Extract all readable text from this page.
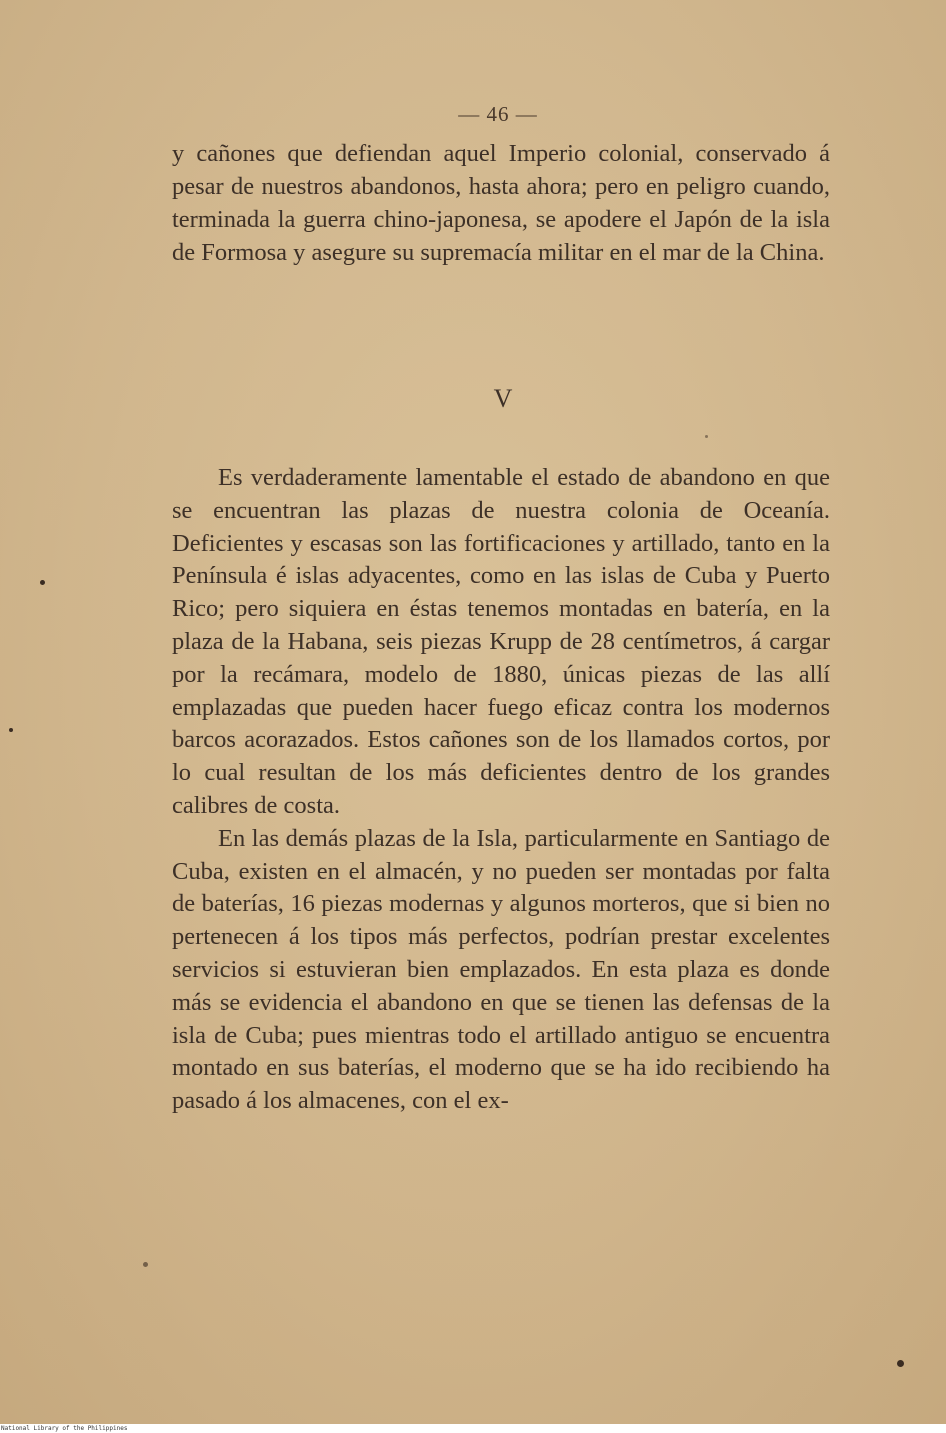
— 46 —

y cañones que defiendan aquel Imperio colonial, conservado á pesar de nuestros abandonos, hasta ahora; pero en peligro cuando, terminada la guerra chino-japonesa, se apodere el Japón de la isla de Formosa y asegure su supremacía militar en el mar de la China.

V

Es verdaderamente lamentable el estado de abandono en que se encuentran las plazas de nuestra colonia de Oceanía. Deficientes y escasas son las fortificaciones y artillado, tanto en la Península é islas adyacentes, como en las islas de Cuba y Puerto Rico; pero siquiera en éstas tenemos montadas en batería, en la plaza de la Habana, seis piezas Krupp de 28 centímetros, á cargar por la recámara, modelo de 1880, únicas piezas de las allí emplazadas que pueden hacer fuego eficaz contra los modernos barcos acorazados. Estos cañones son de los llamados cortos, por lo cual resultan de los más deficientes dentro de los grandes calibres de costa.

En las demás plazas de la Isla, particularmente en Santiago de Cuba, existen en el almacén, y no pueden ser montadas por falta de baterías, 16 piezas modernas y algunos morteros, que si bien no pertenecen á los tipos más perfectos, podrían prestar excelentes servicios si estuvieran bien emplazados. En esta plaza es donde más se evidencia el abandono en que se tienen las defensas de la isla de Cuba; pues mientras todo el artillado antiguo se encuentra montado en sus baterías, el moderno que se ha ido recibiendo ha pasado á los almacenes, con el ex-

National Library of the Philippines
